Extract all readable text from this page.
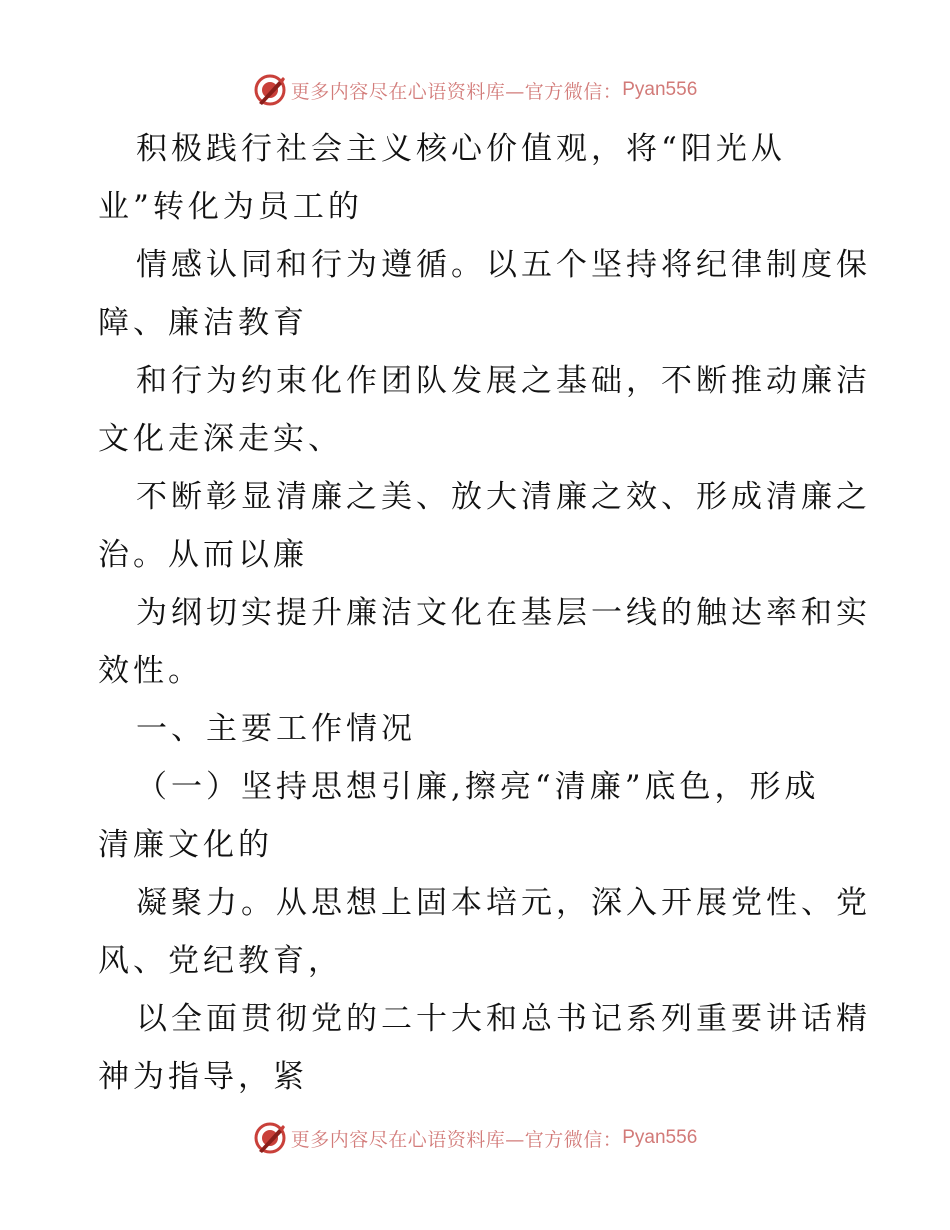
更多内容尽在心语资料库—官方微信： Pyan556
积极践行社会主义核心价值观，将“阳光从
业”转化为员工的
情感认同和行为遵循。以五个坚持将纪律制度保
障、廉洁教育
和行为约束化作团队发展之基础，不断推动廉洁
文化走深走实、
不断彰显清廉之美、放大清廉之效、形成清廉之
治。从而以廉
为纲切实提升廉洁文化在基层一线的触达率和实
效性。
一、主要工作情况
（一）坚持思想引廉,擦亮“清廉”底色，形成
清廉文化的
凝聚力。从思想上固本培元，深入开展党性、党
风、党纪教育，
以全面贯彻党的二十大和总书记系列重要讲话精
神为指导，紧
更多内容尽在心语资料库—官方微信： Pyan556
